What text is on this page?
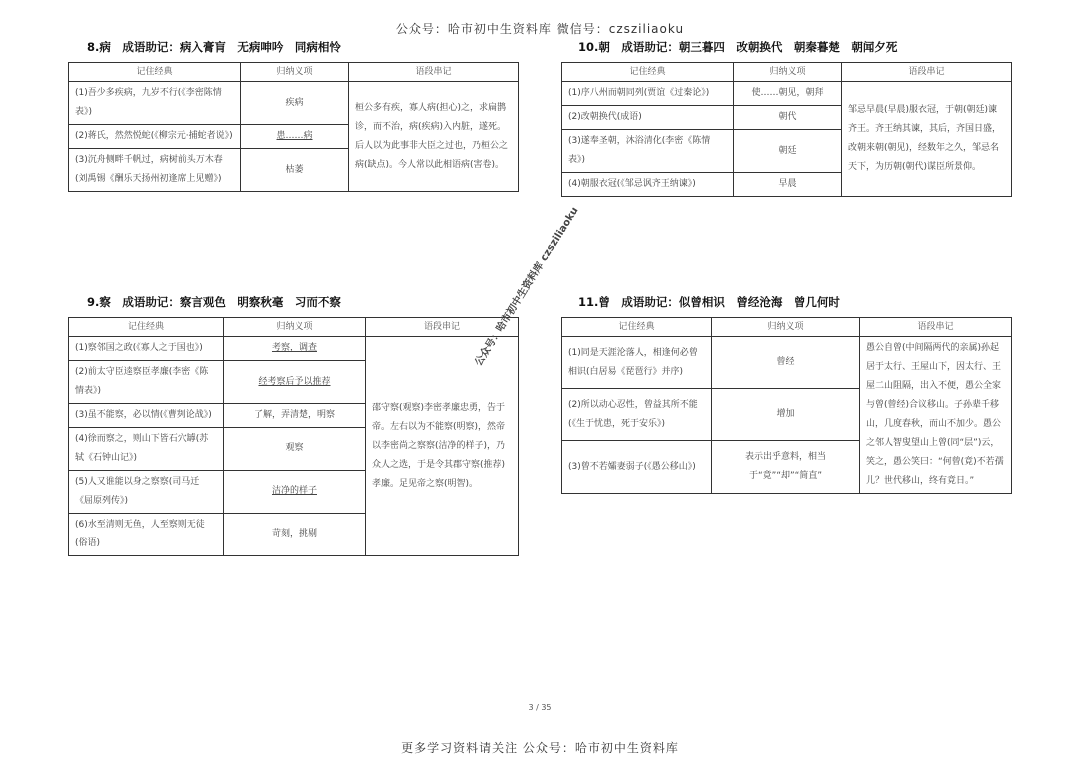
公众号：哈市初中生资料库 微信号：czsziliaoku
8.病　成语助记：病入膏肓　无病呻吟　同病相怜
记住经典	归纳义项	语段串记
(1)吾少多疾病，九岁不行(《李密陈情表》)	疾病	桓公多有疾，寡人病(担心)之，求扁鹊诊，而不治，病(疾病)入内脏，遂死。后人以为此事非大臣之过也，乃桓公之病(缺点)。今人常以此相语病(害卷)。
(2)蒋氏，然然悦蛇(《柳宗元·捕蛇者说》)	患……病	
(3)沉舟侧畔千帆过，病树前头万木春(刘禹锡《酬乐天扬州初逢席上见赠》)	枯萎	
10.朝　成语助记：朝三暮四　改朝换代　朝秦暮楚　朝闻夕死
记住经典	归纳义项	语段串记
(1)序八州而朝同列(贾谊《过秦论》)	使……朝见，朝拜	邹忌早晨(早晨)服衣冠，于朝(朝廷)谏齐王。齐王纳其谏，其后，齐国日盛，改朝来朝(朝见)，经数年之久，邹忌名天下，为历朝(朝代)谋臣所景仰。
(2)改朝换代(成语)	朝代	
(3)遂奉圣朝，沐浴清化(李密《陈情表》)	朝廷	
(4)朝服衣冠(《邹忌讽齐王纳谏》)	早晨	
9.察　成语助记：察言观色　明察秋毫　习而不察
记住经典	归纳义项	语段串记
(1)察邻国之政(《寡人之于国也》)	考察，调查	邵守察(观察)李密孝廉忠勇，告于帝。左右以为不能察(明察)，然帝以李密尚之察察(洁净的样子)，乃众人之选，于是令其郡守察(推荐)孝廉。足见帝之察(明智)。
(2)前太守臣逵察臣孝廉(李密《陈情表》)	经考察后予以推荐	
(3)虽不能察，必以情(《曹刿论战》)	了解，弄清楚，明察	
(4)徐而察之，则山下皆石穴罅(苏轼《石钟山记》)	观察	
(5)人又谁能以身之察察(司马迁《屈原列传》)	洁净的样子	
(6)水至清则无鱼，人至察则无徒(俗语)	苛刻，挑剔	
11.曾　成语助记：似曾相识　曾经沧海　曾几何时
记住经典	归纳义项	语段串记
(1)同是天涯沦落人，相逢何必曾相识(白居易《琵琶行》并序)	曾经	愚公自曾(中间隔两代的亲属)孙起居于太行、王屋山下，因太行、王屋二山阻隔，出入不便，愚公全家与曾(曾经)合议移山。子孙辈千移山，几度春秋，而山不加少。愚公之邻人智叟望山上曾(同“层”)云，笑之，愚公笑曰：“何曾(竟)不若孺儿？世代移山，终有竟日。”
(2)所以动心忍性，曾益其所不能(《生于忧患，死于安乐》)	增加	
(3)曾不若孀妻弱子(《愚公移山》)	表示出乎意料，相当于“竟”“却”“简直”	
公众号：哈市初中生资料库 czsziliaoku
3 / 35
更多学习资料请关注 公众号：哈市初中生资料库
